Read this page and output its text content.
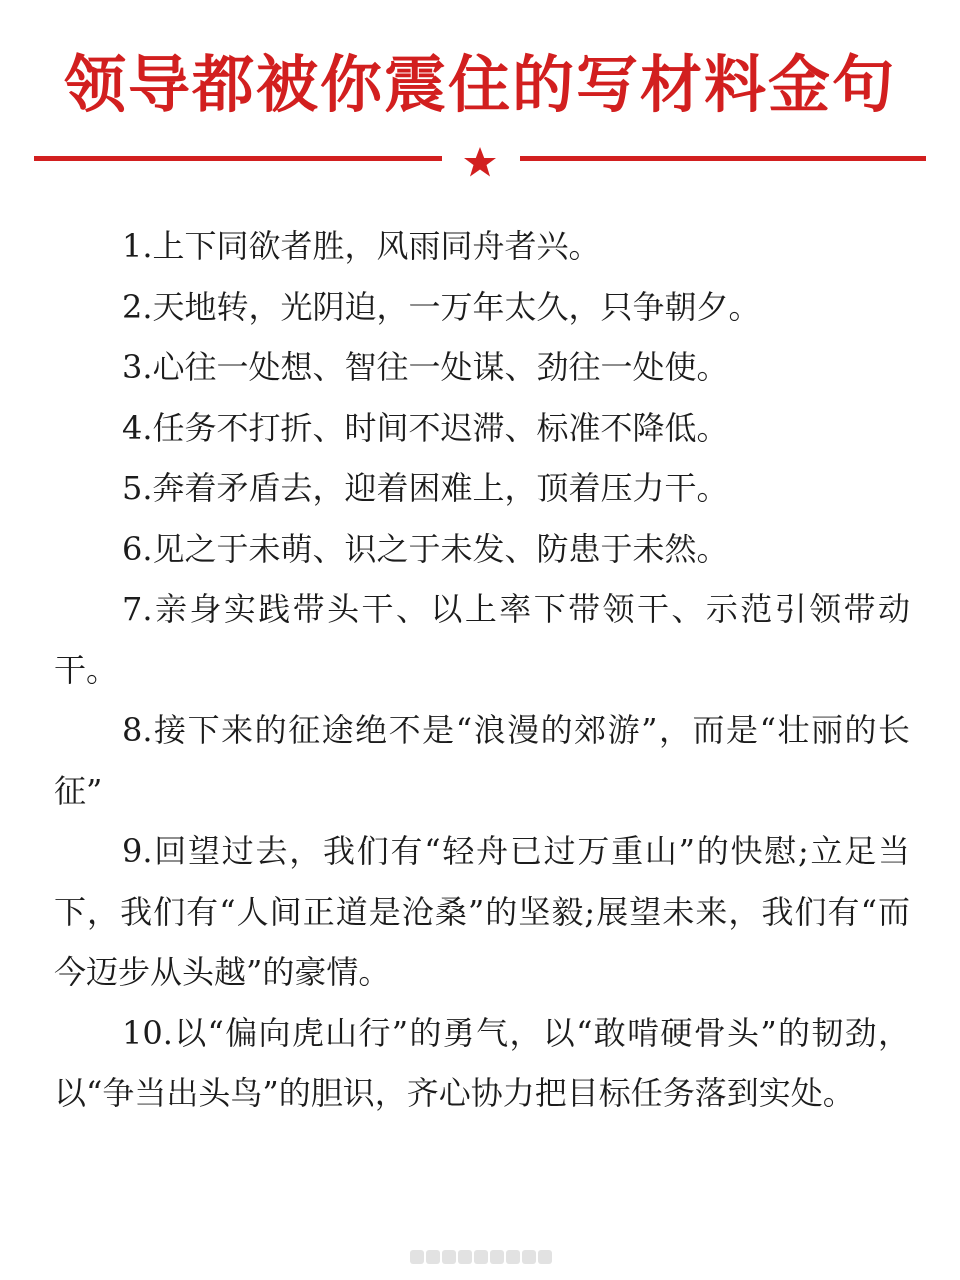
领导都被你震住的写材料金句

1.上下同欲者胜，风雨同舟者兴。

2.天地转，光阴迫，一万年太久，只争朝夕。

3.心往一处想、智往一处谋、劲往一处使。

4.任务不打折、时间不迟滞、标准不降低。

5.奔着矛盾去，迎着困难上，顶着压力干。

6.见之于未萌、识之于未发、防患于未然。

7.亲身实践带头干、以上率下带领干、示范引领带动干。

8.接下来的征途绝不是“浪漫的郊游”，而是“壮丽的长征”

9.回望过去，我们有“轻舟已过万重山”的快慰;立足当下，我们有“人间正道是沧桑”的坚毅;展望未来，我们有“而今迈步从头越”的豪情。

10.以“偏向虎山行”的勇气，以“敢啃硬骨头”的韧劲，以“争当出头鸟”的胆识，齐心协力把目标任务落到实处。
